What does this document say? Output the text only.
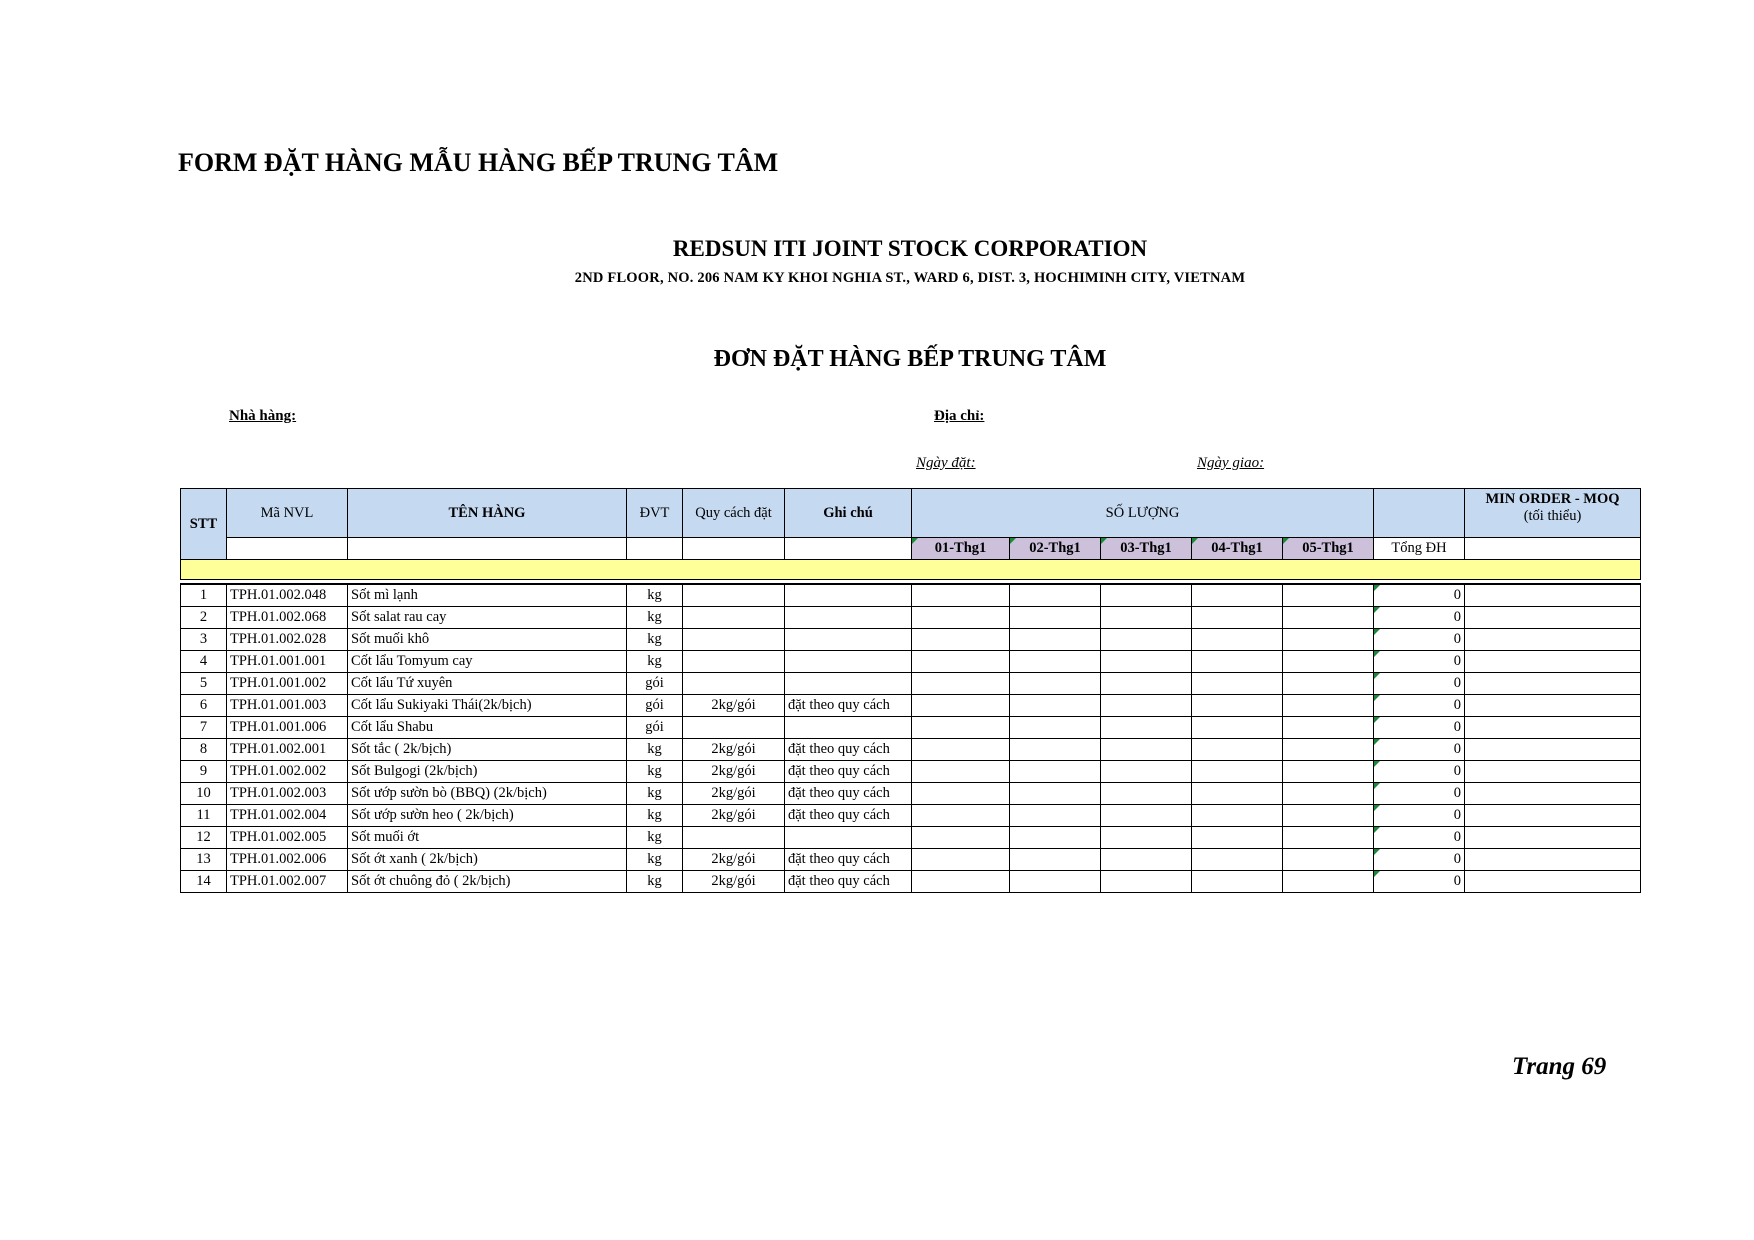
FORM ĐẶT HÀNG MẪU HÀNG BẾP TRUNG TÂM
REDSUN ITI JOINT STOCK CORPORATION
2ND FLOOR, NO. 206 NAM KY KHOI NGHIA ST., WARD 6, DIST. 3, HOCHIMINH CITY, VIETNAM
ĐƠN ĐẶT HÀNG BẾP TRUNG TÂM
Nhà hàng:	Địa chỉ:
Ngày đặt:	Ngày giao:
STT	Mã NVL	TÊN HÀNG	ĐVT	Quy cách đặt	Ghi chú	SỐ LƯỢNG						MIN ORDER - MOQ
(tối thiểu)

						01-Thg1	02-Thg1	03-Thg1	04-Thg1	05-Thg1	Tổng ĐH	

1	TPH.01.002.048	Sốt mì lạnh	kg								0	
2	TPH.01.002.068	Sốt salat rau cay	kg								0	
3	TPH.01.002.028	Sốt muối khô	kg								0	
4	TPH.01.001.001	Cốt lẩu Tomyum cay	kg								0	
5	TPH.01.001.002	Cốt lẩu Tứ xuyên	gói								0	
6	TPH.01.001.003	Cốt lẩu Sukiyaki Thái(2k/bịch)	gói	2kg/gói	đặt theo quy cách						0	
7	TPH.01.001.006	Cốt lẩu Shabu	gói								0	
8	TPH.01.002.001	Sốt tắc ( 2k/bịch)	kg	2kg/gói	đặt theo quy cách						0	
9	TPH.01.002.002	Sốt Bulgogi (2k/bịch)	kg	2kg/gói	đặt theo quy cách						0	
10	TPH.01.002.003	Sốt ướp sườn bò (BBQ) (2k/bịch)	kg	2kg/gói	đặt theo quy cách						0	
11	TPH.01.002.004	Sốt ướp sườn heo ( 2k/bịch)	kg	2kg/gói	đặt theo quy cách						0	
12	TPH.01.002.005	Sốt muối ớt	kg								0	
13	TPH.01.002.006	Sốt ớt xanh ( 2k/bịch)	kg	2kg/gói	đặt theo quy cách						0	
14	TPH.01.002.007	Sốt ớt chuông đỏ ( 2k/bịch)	kg	2kg/gói	đặt theo quy cách						0	
Trang 69
